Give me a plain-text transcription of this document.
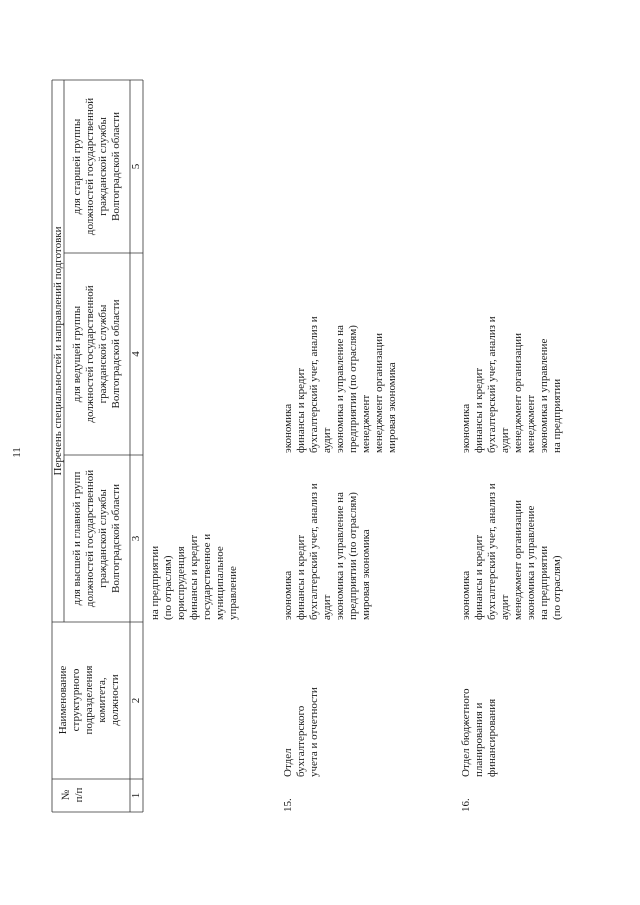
11
№ п/п
Наименование структурного подразделения комитета, должности
Перечень специальностей и направлений подготовки
для высшей и главной групп должностей государственной гражданской службы Волгоградской области
для ведущей группы должностей государственной гражданской службы Волгоградской области
для старшей группы должностей государственной гражданской службы Волгоградской области
1
2
3
4
5
на предприятии (по отраслям) юриспруденция финансы и кредит государственное и муниципальное управление
15.
Отдел бухгалтерского учета и отчетности
экономика финансы и кредит бухгалтерский учет, анализ и аудит экономика и управление на предприятии (по отраслям) мировая экономика
экономика финансы и кредит бухгалтерский учет, анализ и аудит экономика и управление на предприятии (по отраслям) менеджмент менеджмент организации мировая экономика
16.
Отдел бюджетного планирования и финансирования
экономика финансы и кредит бухгалтерский учет, анализ и аудит менеджмент организации экономика и управление на предприятии (по отраслям)
экономика финансы и кредит бухгалтерский учет, анализ и аудит менеджмент организации менеджмент экономика и управление на предприятии
